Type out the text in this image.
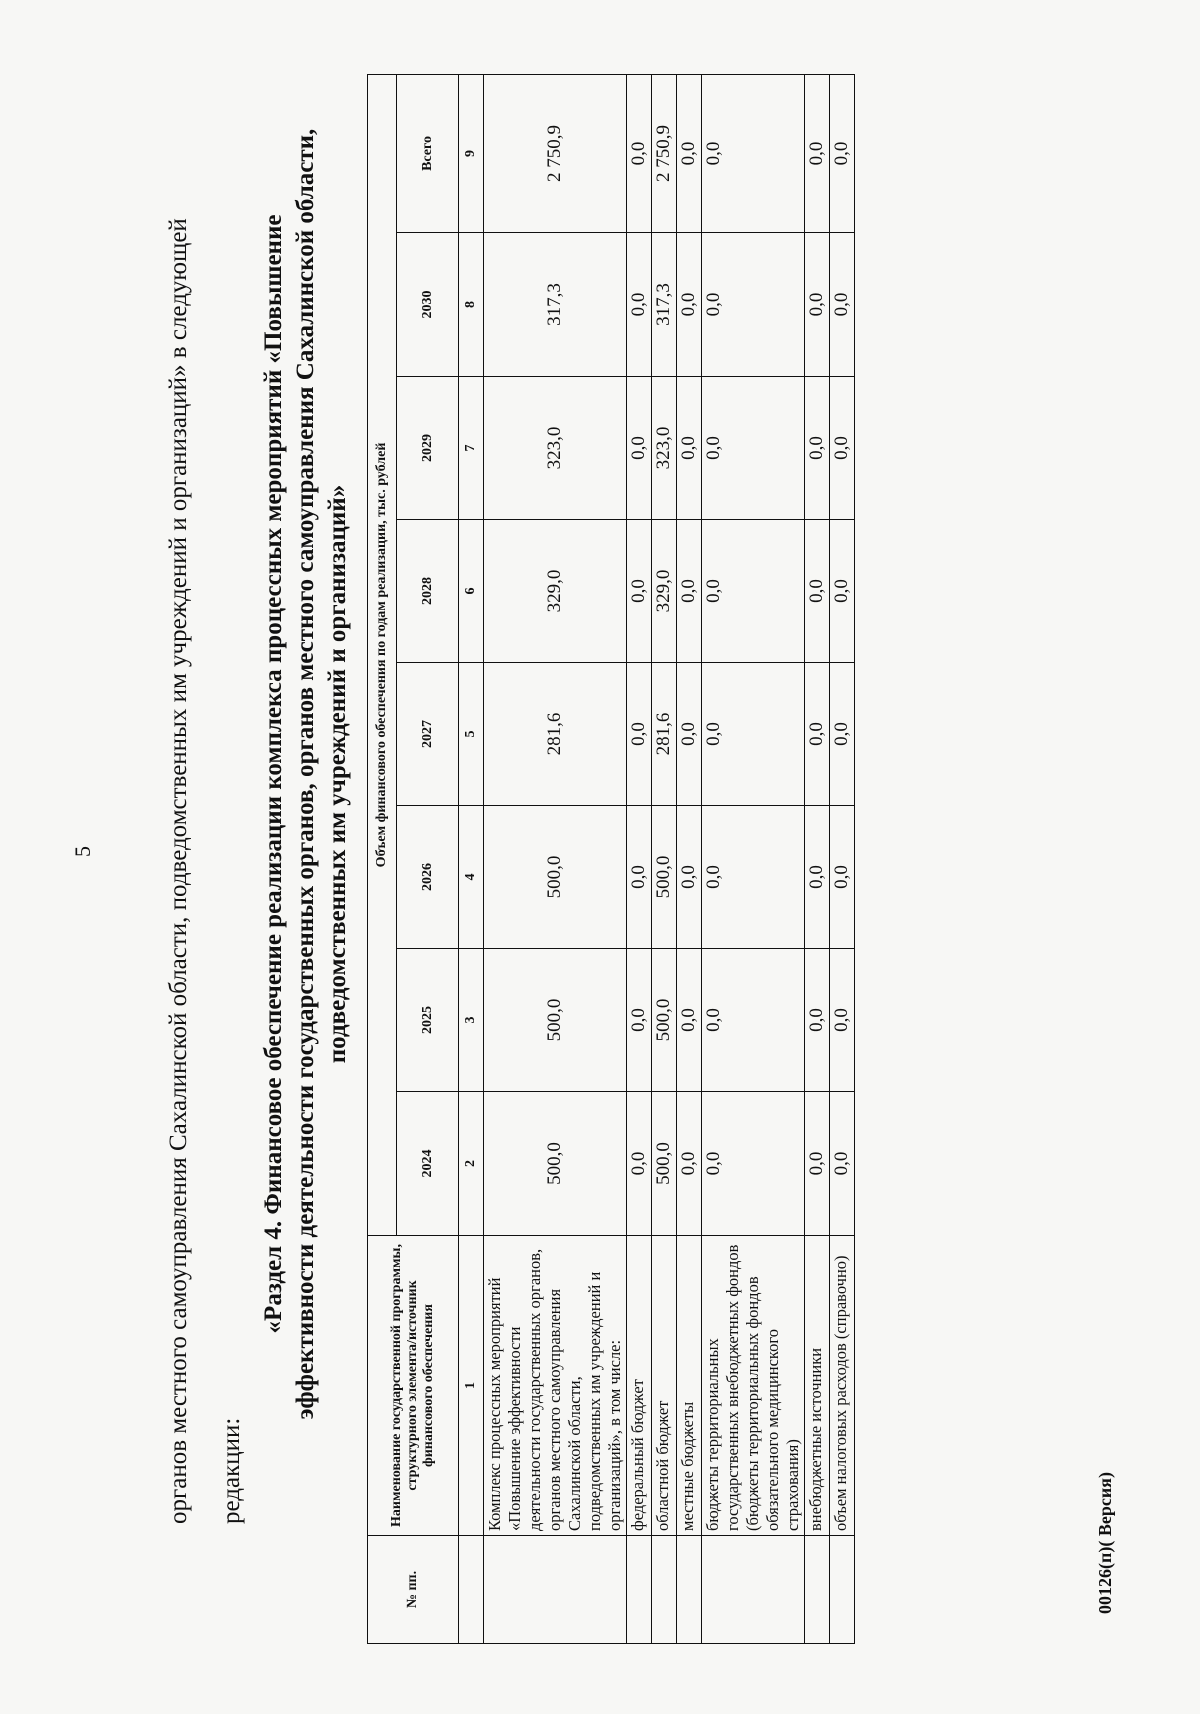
5	органов местного самоуправления Сахалинской области, подведомственных им учреждений и организаций» в следующей редакции:
«Раздел 4. Финансовое обеспечение реализации комплекса процессных мероприятий «Повышение эффективности деятельности государственных органов, органов местного самоуправления Сахалинской области, подведомственных им учреждений и организаций»
№ пп.	Наименование государственной программы, структурного элемента/источник финансового обеспечения	Объем финансового обеспечения по годам реализации, тыс. рублей							
		2024	2025	2026	2027	2028	2029	2030	Всего
	1	2	3	4	5	6	7	8	9
	Комплекс процессных мероприятий «Повышение эффективности деятельности государственных органов, органов местного самоуправления Сахалинской области, подведомственных им учреждений и организаций», в том числе:	500,0	500,0	500,0	281,6	329,0	323,0	317,3	2 750,9
	федеральный бюджет	0,0	0,0	0,0	0,0	0,0	0,0	0,0	0,0
	областной бюджет	500,0	500,0	500,0	281,6	329,0	323,0	317,3	2 750,9
	местные бюджеты	0,0	0,0	0,0	0,0	0,0	0,0	0,0	0,0
	бюджеты территориальных государственных внебюджетных фондов (бюджеты территориальных фондов обязательного медицинского страхования)	0,0	0,0	0,0	0,0	0,0	0,0	0,0	0,0
	внебюджетные источники	0,0	0,0	0,0	0,0	0,0	0,0	0,0	0,0
	объем налоговых расходов (справочно)	0,0	0,0	0,0	0,0	0,0	0,0	0,0	0,0
00126(п)( Версия)
